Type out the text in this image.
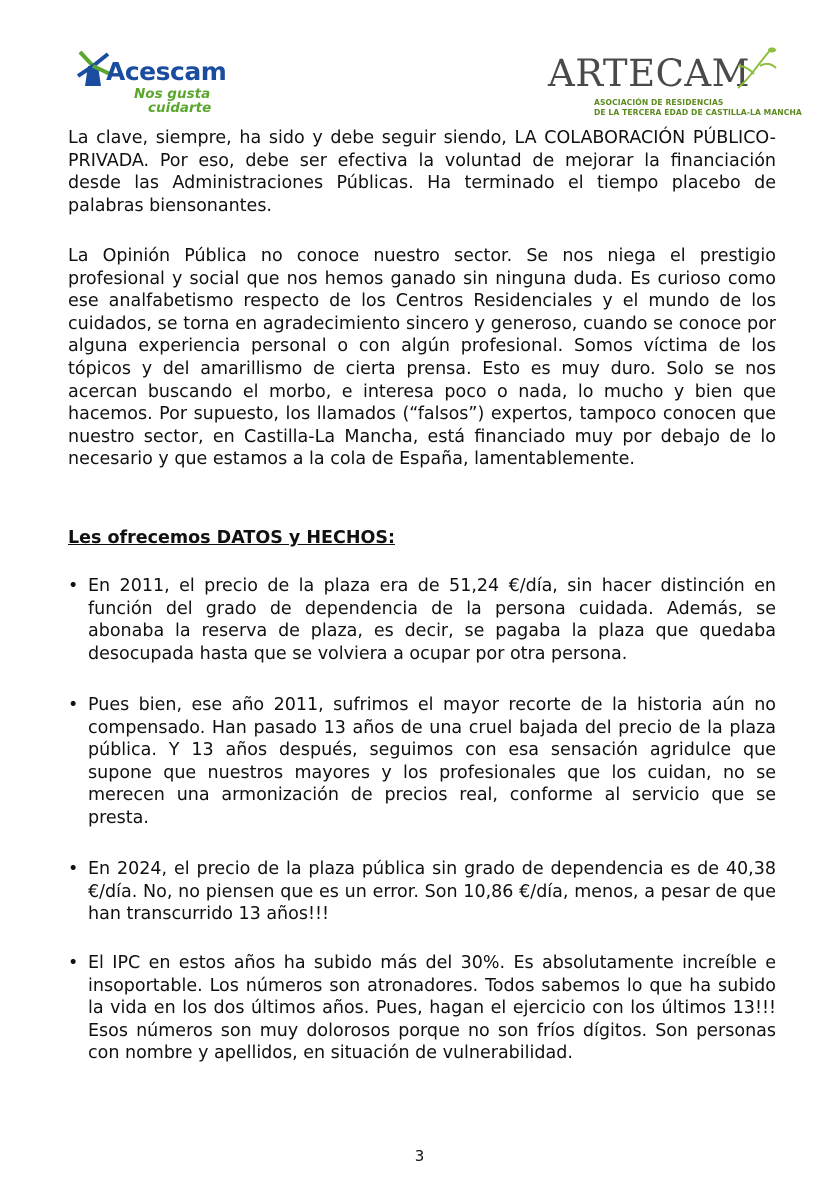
Acescam
Nos gusta
cuidarte
ARTECAM
ASOCIACIÓN DE RESIDENCIAS
DE LA TERCERA EDAD DE CASTILLA-LA MANCHA

La clave, siempre, ha sido y debe seguir siendo, LA COLABORACIÓN PÚBLICO-PRIVADA. Por eso, debe ser efectiva la voluntad de mejorar la financiación desde las Administraciones Públicas. Ha terminado el tiempo placebo de palabras biensonantes.

La Opinión Pública no conoce nuestro sector. Se nos niega el prestigio profesional y social que nos hemos ganado sin ninguna duda. Es curioso como ese analfabetismo respecto de los Centros Residenciales y el mundo de los cuidados, se torna en agradecimiento sincero y generoso, cuando se conoce por alguna experiencia personal o con algún profesional. Somos víctima de los tópicos y del amarillismo de cierta prensa. Esto es muy duro. Solo se nos acercan buscando el morbo, e interesa poco o nada, lo mucho y bien que hacemos. Por supuesto, los llamados (“falsos”) expertos, tampoco conocen que nuestro sector, en Castilla-La Mancha, está financiado muy por debajo de lo necesario y que estamos a la cola de España, lamentablemente.

Les ofrecemos DATOS y HECHOS:

• En 2011, el precio de la plaza era de 51,24 €/día, sin hacer distinción en función del grado de dependencia de la persona cuidada. Además, se abonaba la reserva de plaza, es decir, se pagaba la plaza que quedaba desocupada hasta que se volviera a ocupar por otra persona.

• Pues bien, ese año 2011, sufrimos el mayor recorte de la historia aún no compensado. Han pasado 13 años de una cruel bajada del precio de la plaza pública. Y 13 años después, seguimos con esa sensación agridulce que supone que nuestros mayores y los profesionales que los cuidan, no se merecen una armonización de precios real, conforme al servicio que se presta.

• En 2024, el precio de la plaza pública sin grado de dependencia es de 40,38 €/día. No, no piensen que es un error. Son 10,86 €/día, menos, a pesar de que han transcurrido 13 años!!!

• El IPC en estos años ha subido más del 30%. Es absolutamente increíble e insoportable. Los números son atronadores. Todos sabemos lo que ha subido la vida en los dos últimos años. Pues, hagan el ejercicio con los últimos 13!!! Esos números son muy dolorosos porque no son fríos dígitos. Son personas con nombre y apellidos, en situación de vulnerabilidad.

3
